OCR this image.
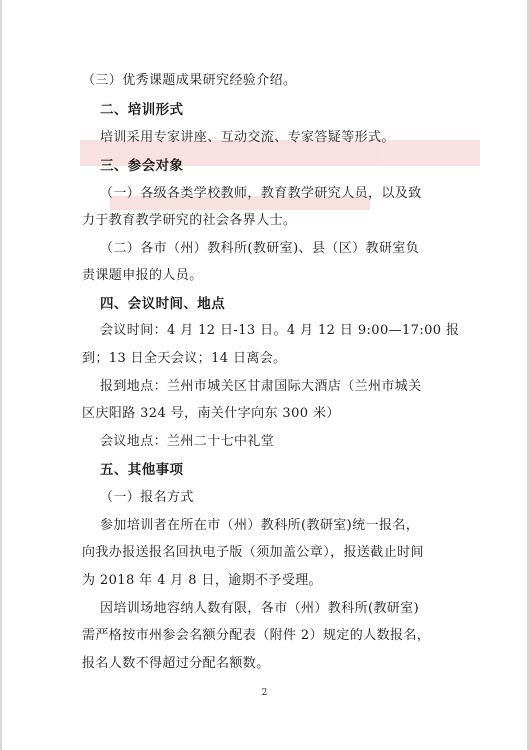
（三）优秀课题成果研究经验介绍。
二、培训形式
培训采用专家讲座、互动交流、专家答疑等形式。
三、参会对象
（一）各级各类学校教师，教育教学研究人员，以及致
力于教育教学研究的社会各界人士。
（二）各市（州）教科所(教研室)、县（区）教研室负
责课题申报的人员。
四、会议时间、地点
会议时间：4 月 12 日-13 日。4 月 12 日 9:00—17:00 报
到；13 日全天会议；14 日离会。
报到地点：兰州市城关区甘肃国际大酒店（兰州市城关
区庆阳路 324 号，南关什字向东 300 米）
会议地点：兰州二十七中礼堂
五、其他事项
（一）报名方式
参加培训者在所在市（州）教科所(教研室)统一报名，
向我办报送报名回执电子版（须加盖公章），报送截止时间
为 2018 年 4 月 8 日，逾期不予受理。
因培训场地容纳人数有限，各市（州）教科所(教研室)
需严格按市州参会名额分配表（附件 2）规定的人数报名，
报名人数不得超过分配名额数。
2
